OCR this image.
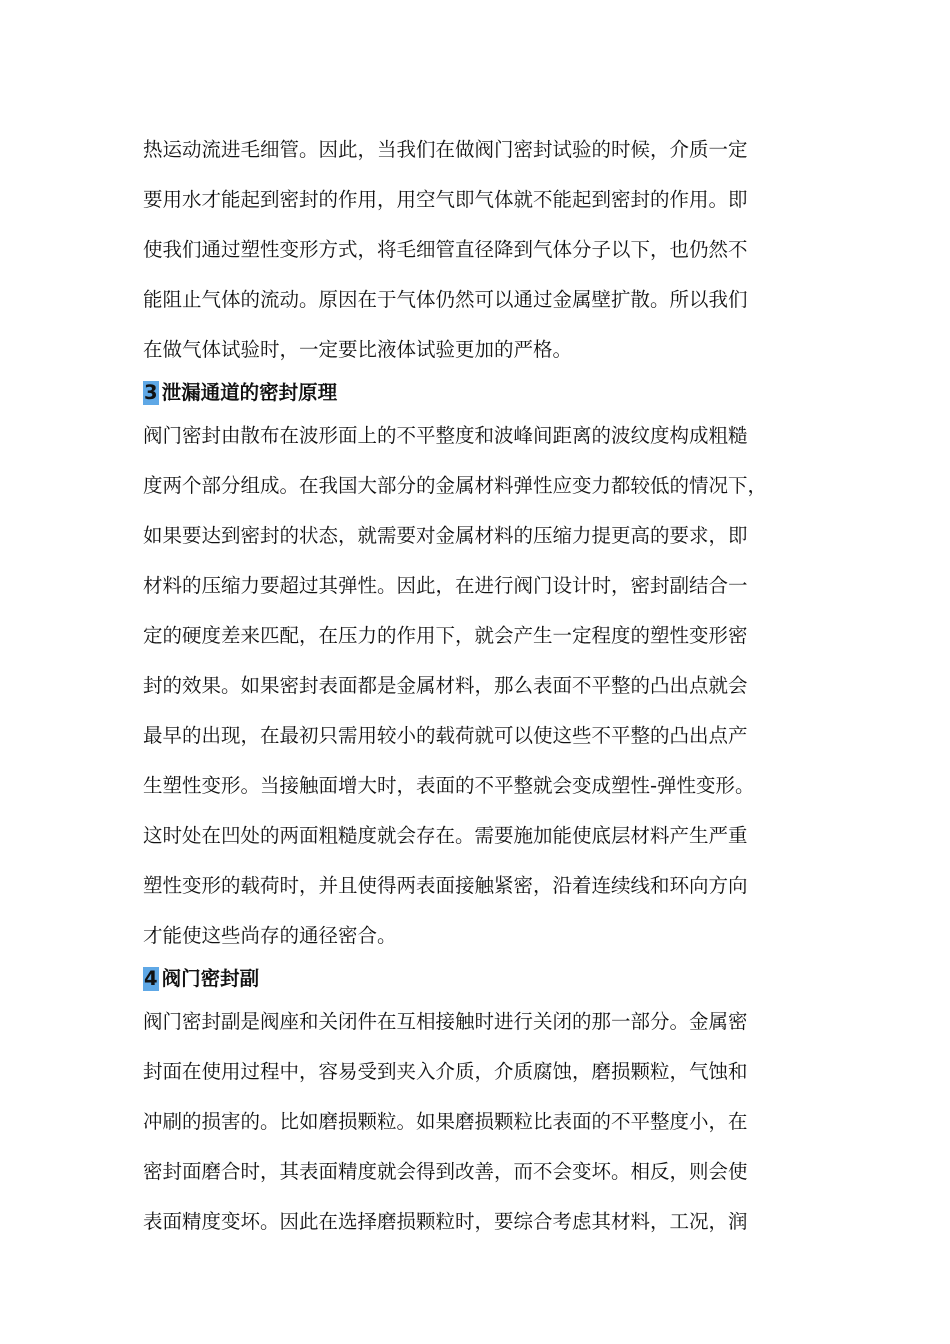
热运动流进毛细管。因此，当我们在做阀门密封试验的时候，介质一定
要用水才能起到密封的作用，用空气即气体就不能起到密封的作用。即
使我们通过塑性变形方式，将毛细管直径降到气体分子以下，也仍然不
能阻止气体的流动。原因在于气体仍然可以通过金属壁扩散。所以我们
在做气体试验时，一定要比液体试验更加的严格。
3 泄漏通道的密封原理
阀门密封由散布在波形面上的不平整度和波峰间距离的波纹度构成粗糙
度两个部分组成。在我国大部分的金属材料弹性应变力都较低的情况下，
如果要达到密封的状态，就需要对金属材料的压缩力提更高的要求，即
材料的压缩力要超过其弹性。因此，在进行阀门设计时，密封副结合一
定的硬度差来匹配，在压力的作用下，就会产生一定程度的塑性变形密
封的效果。如果密封表面都是金属材料，那么表面不平整的凸出点就会
最早的出现，在最初只需用较小的载荷就可以使这些不平整的凸出点产
生塑性变形。当接触面增大时，表面的不平整就会变成塑性-弹性变形。
这时处在凹处的两面粗糙度就会存在。需要施加能使底层材料产生严重
塑性变形的载荷时，并且使得两表面接触紧密，沿着连续线和环向方向
才能使这些尚存的通径密合。
4 阀门密封副
阀门密封副是阀座和关闭件在互相接触时进行关闭的那一部分。金属密
封面在使用过程中，容易受到夹入介质，介质腐蚀，磨损颗粒，气蚀和
冲刷的损害的。比如磨损颗粒。如果磨损颗粒比表面的不平整度小，在
密封面磨合时，其表面精度就会得到改善，而不会变坏。相反，则会使
表面精度变坏。因此在选择磨损颗粒时，要综合考虑其材料，工况，润
